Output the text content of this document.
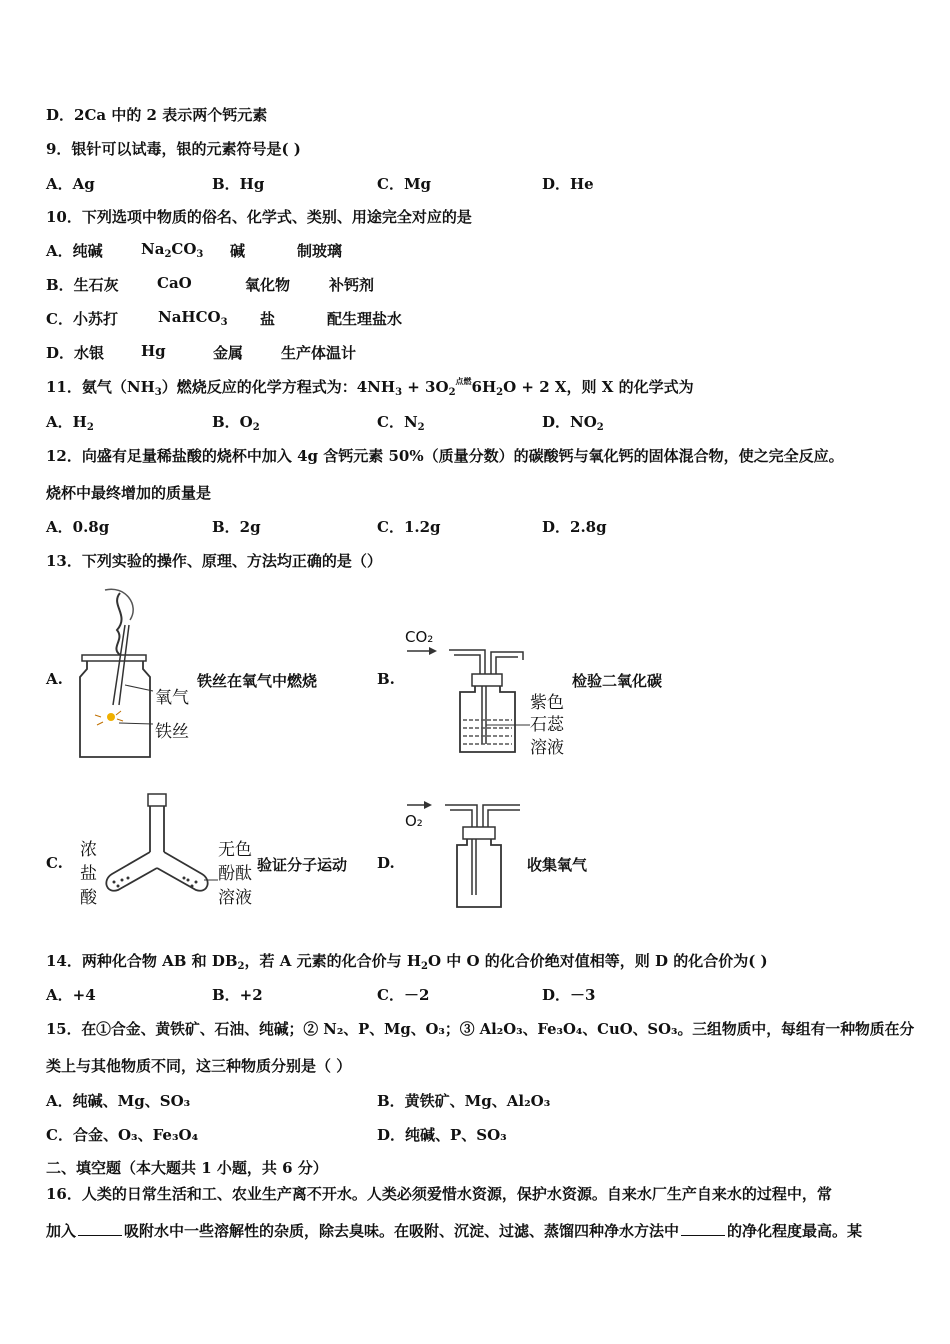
D．2Ca 中的 2 表示两个钙元素
9．银针可以试毒，银的元素符号是( )
A．Ag	B．Hg	C．Mg	D．He
10．下列选项中物质的俗名、化学式、类别、用途完全对应的是
A．纯碱	$Na_2CO_3$ 碱	制玻璃
B．生石灰	CaO	氧化物	补钙剂
C．小苏打	NaHCO$_3$ 盐	配生理盐水
D．水银 Hg	金属	生产体温计
11．氨气$(NH_3)$燃烧反应的化学方程式为：$4NH_3 + 3O_2^{点燃}6H_2O + 2$ X，则 X 的化学式为
A．$H_2$	B．$O_2$	C．$N_2$	D．$NO_2$
12．向盛有足量稀盐酸的烧杯中加入 4g 含钙元素 50%（质量分数）的碳酸钙与氧化钙的固体混合物，使之完全反应。
烧杯中最终增加的质量是
A．0.8g	B．2g	C．1.2g	D．2.8g
13．下列实验的操作、原理、方法均正确的是（）
A.
氧气
铁丝
铁丝在氧气中燃烧	B.
CO₂
紫色
石蕊
溶液
检验二氧化碳
C.
浓
盐
酸
无色
酚酞
溶液
验证分子运动 D.
O₂
收集氧气
14．两种化合物 AB 和 $DB_2$，若 A 元素的化合价与 $H_2O$ 中 O 的化合价绝对值相等，则 D 的化合价为( )
A．+4	B．+2	C．－2	D．－3
15．在①合金、黄铁矿、石油、纯碱；② N₂、P、Mg、O₃；③ Al₂O₃、Fe₃O₄、CuO、SO₃。三组物质中，每组有一种物质在分
类上与其他物质不同，这三种物质分别是（ ）
A．纯碱、Mg、SO₃	B．黄铁矿、Mg、Al₂O₃
C．合金、O₃、Fe₃O₄	D．纯碱、P、SO₃
二、填空题（本大题共 1 小题，共 6 分）
16．人类的日常生活和工、农业生产离不开水。人类必须爱惜水资源，保护水资源。自来水厂生产自来水的过程中，常
加入	吸附水中一些溶解性的杂质，除去臭味。在吸附、沉淀、过滤、蒸馏四种净水方法中	的净化程度最高。某
